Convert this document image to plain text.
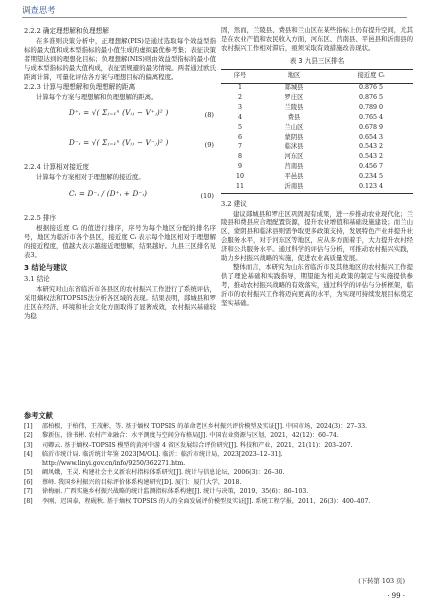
调查思考
2.2.2 确定理想解和负理想解

在多准则决策分析中，正理想解(PIS)是通过选取每个效益型指标的最大值和成本型指标的最小值生成的虚拟最优参考集；表征决策者期望达到的理想化目标；负理想解(NIS)则由效益型指标的最小值与成本型指标的最大值构成，表征需规避的最劣情境。两者通过欧氏距离计算，可量化评估各方案与理想目标的偏离程度。

2.2.3 计算与理想解和负理想解的距离

计算每个方案与理想解和负理想解的距离。

D⁺ᵢ = √( Σⱼ₌₁ⁿ (Vᵢⱼ − V⁺ⱼ)² )	(8)
D⁻ᵢ = √( Σⱼ₌₁ⁿ (Vᵢⱼ − V⁻ⱼ)² )	(9)
2.2.4 计算相对接近度

计算每个方案相对于理想解的接近度。

Cᵢ = D⁻ᵢ / (D⁺ᵢ + D⁻ᵢ)	(10)
2.2.5 排序

根据接近度 Cᵢ 的值进行排序，序号为每个地区分配的排名序号，地区为临沂市各个县区，接近度 Cᵢ 表示每个地区相对于理想解的接近程度，值越大表示越接近理想解，结果越好。九县三区排名见表3。

3 结论与建议
3.1 结论

本研究对山东省临沂市各县区的农村振兴工作进行了系统评估，采用熵权法和TOPSIS法分析各区域的表现。结果表明，郯城县和罗庄区在经济、环境和社会文化方面取得了显著成效，农村振兴基础较为稳

固，然而，兰陵县、费县和兰山区在某些指标上仍有提升空间，尤其是在农业产值和农民收入方面，河东区、莒南县、平邑县和沂南县的农村振兴工作相对滞后，亟须采取有效措施改善现状。

表 3 九县三区排名
序号	地区	接近度 Cᵢ
1	郯城县	0.876 5
2	罗庄区	0.876 5
3	兰陵县	0.789 0
4	费县	0.765 4
5	兰山区	0.678 9
6	蒙阴县	0.654 3
7	临沭县	0.543 2
8	河东区	0.543 2
9	莒南县	0.456 7
10	平邑县	0.234 5
11	沂南县	0.123 4
3.2 建议

建议郯城县和罗庄区巩固现有成果，进一步推动农业现代化；兰陵县和费县应合理配置资源，提升农业增值和基础设施建设；而兰山区、蒙阴县和临沭县则需争取更多政策支持，发展特色产业并提升社会服务水平，对于河东区等地区，应从多方面着手，大力提升农村经济和公共服务水平。通过科学的评估与分析，可推动农村振兴实践，助力乡村振兴战略的实施，促进农业高质量发展。

整体而言，本研究为山东省临沂市及其他地区的农村振兴工作提供了理论基础和实践指导，期望能为相关政策的制定与实施提供参考，推动农村振兴战略的有效落实，通过科学的评估与分析框架，临沂市的农村振兴工作将迈向更高的水平，为实现可持续发展目标奠定坚实基础。

参考文献
[1]	邵柏根，于柏伟，王茂彬，等. 基于熵权 TOPSIS 的革命老区乡村振兴评价模型及实证[J]. 中国市场，2024(3)：27–33.
[2]	黎新伍，徐书彬. 农村产业融合：水平测度与空间分布格局[J]. 中国农业资源与区划，2021，42(12)：60–74.
[3]	司卿云. 基于熵权–TOPSIS 模型的黄河中游 4 省区发展综合评价研究[J]. 科技和产业，2021，21(11)：203–207.
[4]	临沂市统计局. 临沂统计年鉴 2023[M/OL]. 临沂：临沂市统计局，2023[2023–12–31]. http://www.linyi.gov.cn/info/9250/362271.htm.
[5]	阚凤娥，王灵. 构建社会主义新农村指标体系研究[J]. 统计与信息论坛，2006(3)：26–30.
[6]	蔡峄. 我国乡村振兴的目标评价体系构建研究[D]. 厦门：厦门大学，2018.
[7]	徐梅丽. 广西实施乡村振兴战略的统计监测指标体系构建[J]. 统计与决策，2019，35(6)：86–103.
[8]	李刚，迟国泰，程砚秋. 基于熵权 TOPSIS 的人的全面发展评价模型及实证[J]. 系统工程学报，2011，26(3)：400–407.
(下转第 103 页)
· 99 ·
